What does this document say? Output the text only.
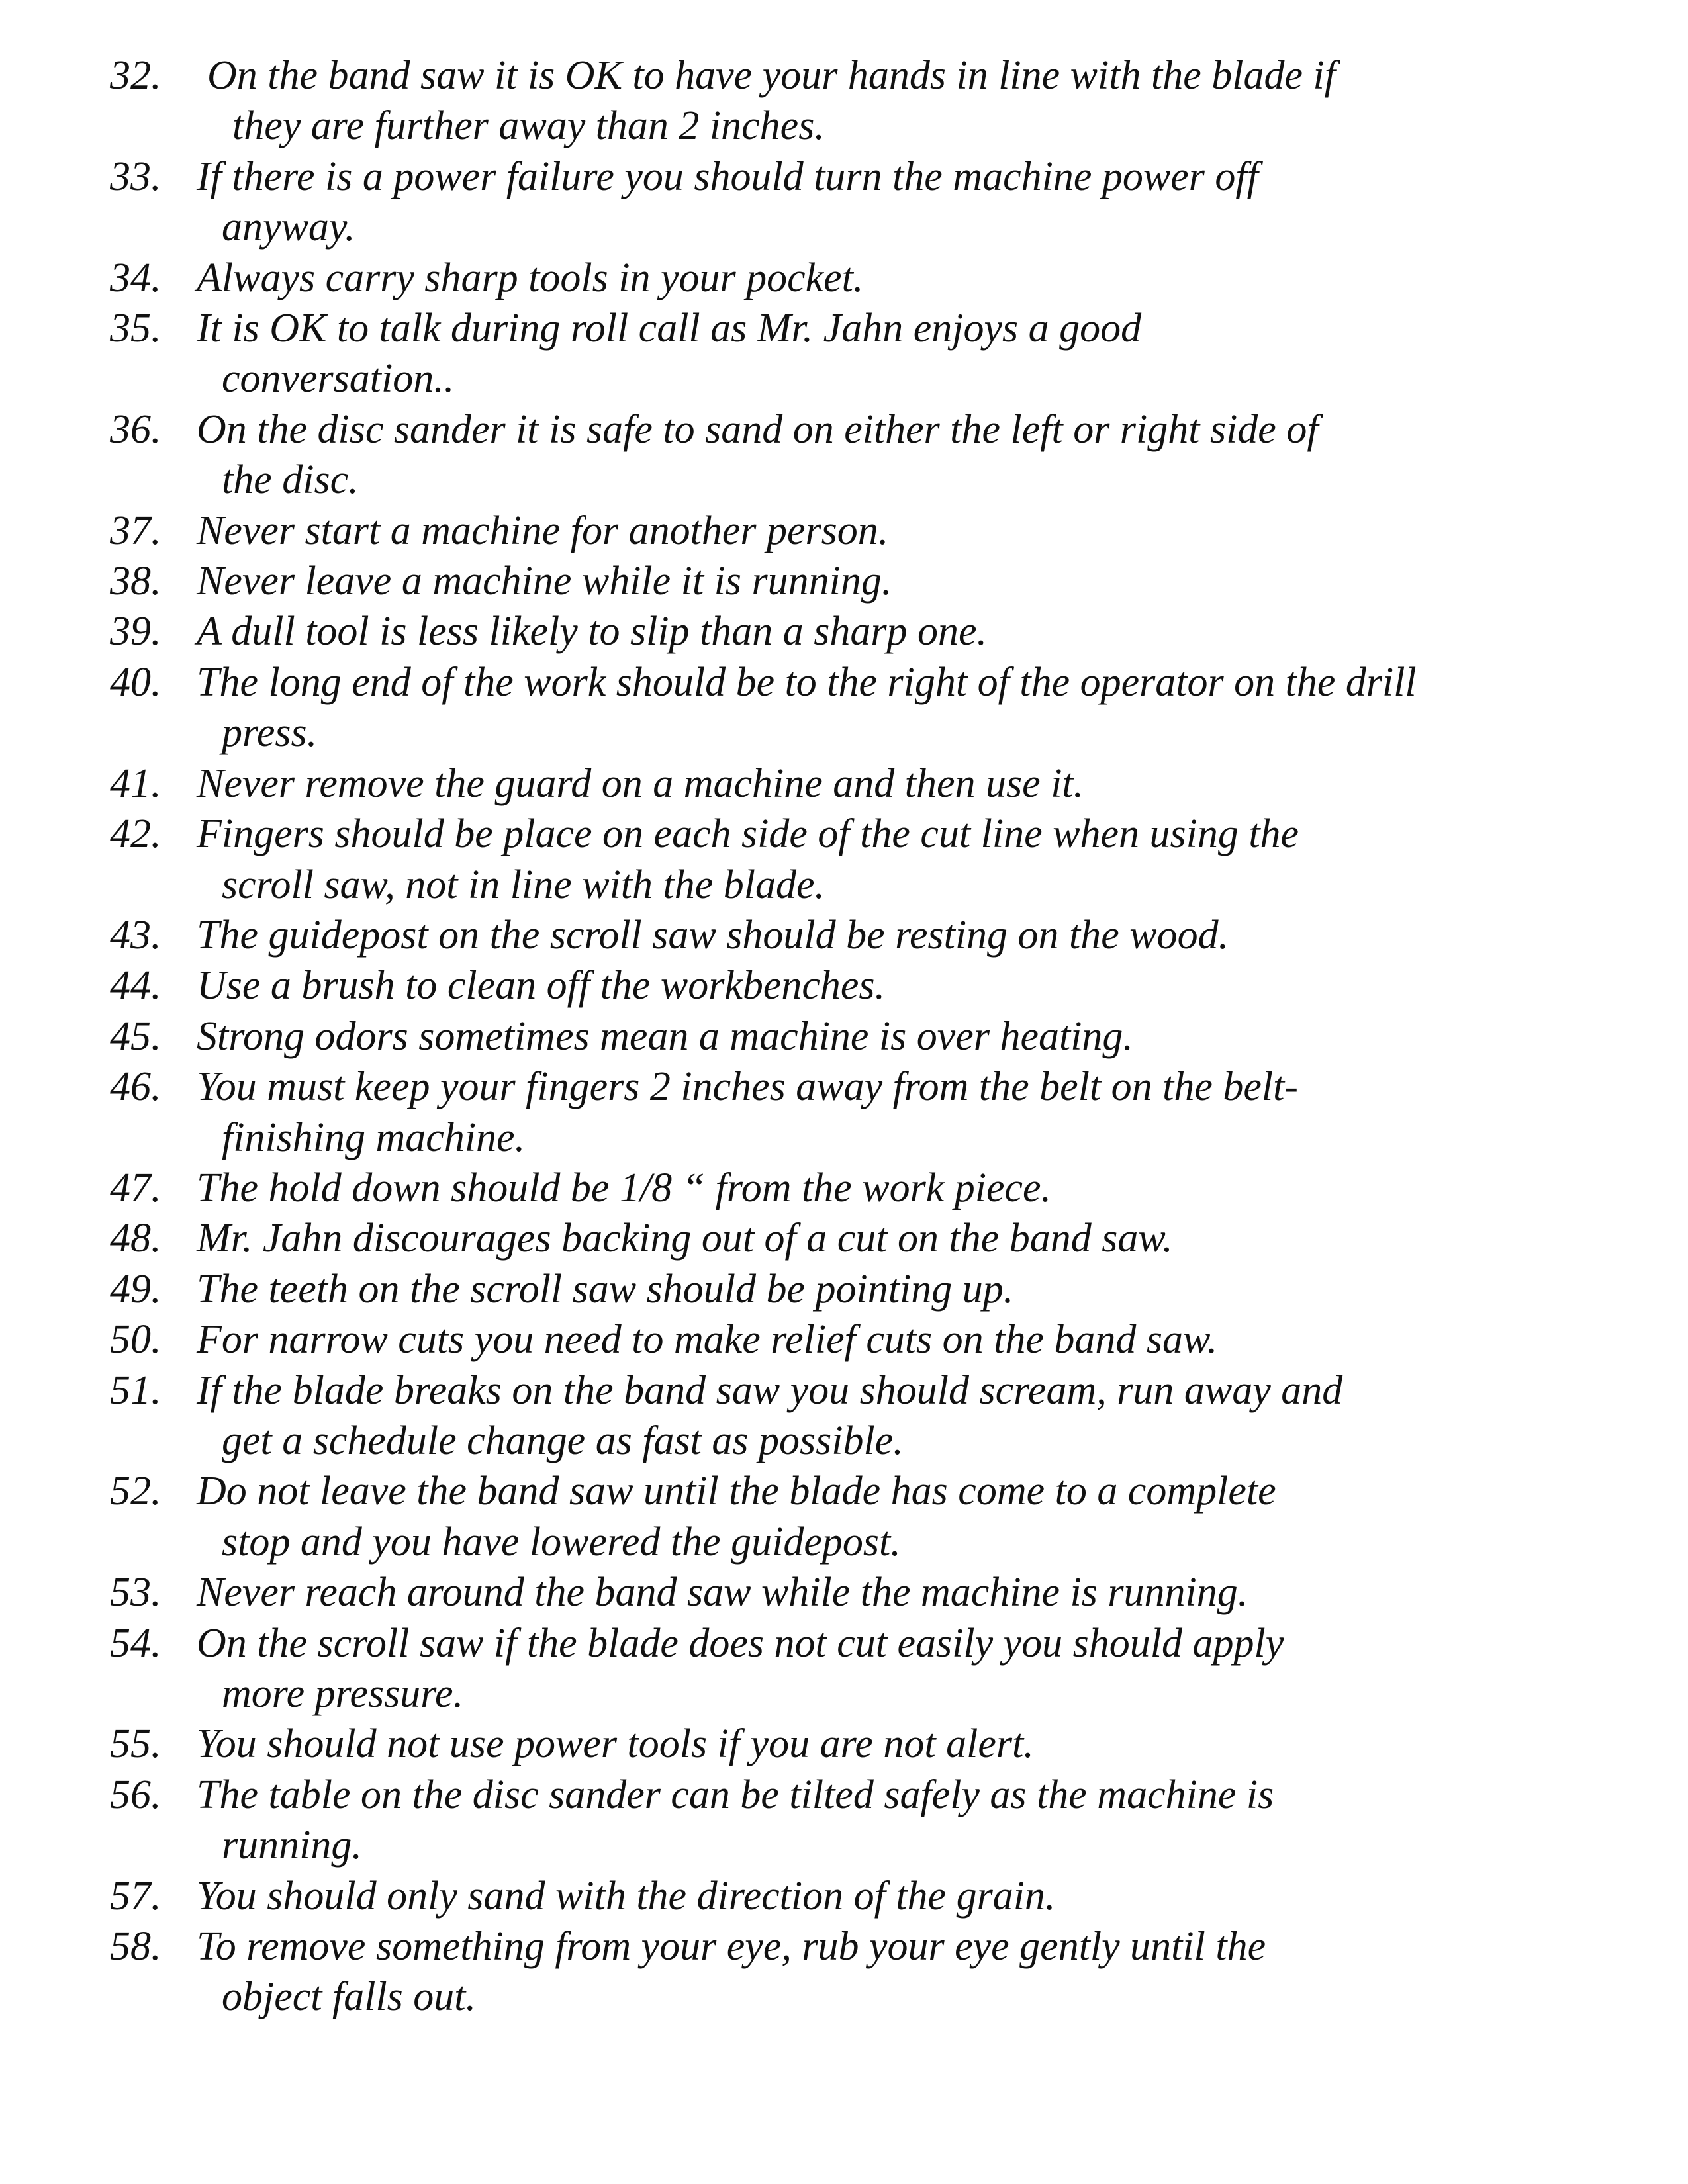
32.	On the band saw it is OK to have your hands in line with the blade if
they are further away than 2 inches.
33. If there is a power failure you should turn the machine power off
anyway.
34. Always carry sharp tools in your pocket.
35. It is OK to talk during roll call as Mr. Jahn enjoys a good
conversation..
36. On the disc sander it is safe to sand on either the left or right side of
the disc.
37. Never start a machine for another person.
38. Never leave a machine while it is running.
39. A dull tool is less likely to slip than a sharp one.
40. The long end of the work should be to the right of the operator on the drill
press.
41. Never remove the guard on a machine and then use it.
42. Fingers should be place on each side of the cut line when using the
scroll saw, not in line with the blade.
43. The guidepost on the scroll saw should be resting on the wood.
44. Use a brush to clean off the workbenches.
45. Strong odors sometimes mean a machine is over heating.
46. You must keep your fingers 2 inches away from the belt on the belt-
finishing machine.
47. The hold down should be 1/8 “ from the work piece.
48. Mr. Jahn discourages backing out of a cut on the band saw.
49. The teeth on the scroll saw should be pointing up.
50. For narrow cuts you need to make relief cuts on the band saw.
51. If the blade breaks on the band saw you should scream, run away and
get a schedule change as fast as possible.
52. Do not leave the band saw until the blade has come to a complete
stop and you have lowered the guidepost.
53. Never reach around the band saw while the machine is running.
54. On the scroll saw if the blade does not cut easily you should apply
more pressure.
55. You should not use power tools if you are not alert.
56. The table on the disc sander can be tilted safely as the machine is
running.
57. You should only sand with the direction of the grain.
58. To remove something from your eye, rub your eye gently until the
object falls out.
